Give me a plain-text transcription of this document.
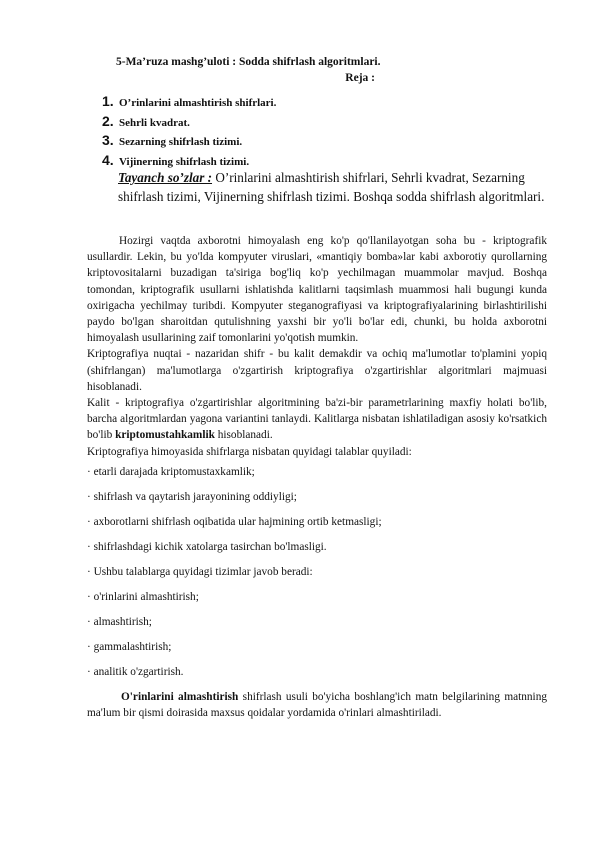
5-Ma’ruza mashg’uloti : Sodda shifrlash algoritmlari.
Reja :
1. O’rinlarini almashtirish shifrlari.
2. Sehrli kvadrat.
3. Sezarning shifrlash tizimi.
4. Vijinerning shifrlash tizimi.
Tayanch so’zlar : O’rinlarini almashtirish shifrlari, Sehrli kvadrat, Sezarning shifrlash tizimi, Vijinerning shifrlash tizimi. Boshqa sodda shifrlash algoritmlari.

Hozirgi vaqtda axborotni himoyalash eng ko'p qo'llanilayotgan soha bu - kriptografik usullardir. Lekin, bu yo'lda kompyuter viruslari, «mantiqiy bomba»lar kabi axborotiy qurollarning kriptovositalarni buzadigan ta'siriga bog'liq ko'p yechilmagan muammolar mavjud. Boshqa tomondan, kriptografik usullarni ishlatishda kalitlarni taqsimlash muammosi hali bugungi kunda oxirigacha yechilmay turibdi. Kompyuter steganografiyasi va kriptografiyalarining birlashtirilishi paydo bo'lgan sharoitdan qutulishning yaxshi bir yo'li bo'lar edi, chunki, bu holda axborotni himoyalash usullarining zaif tomonlarini yo'qotish mumkin.

Kriptografiya nuqtai - nazaridan shifr - bu kalit demakdir va ochiq ma'lumotlar to'plamini yopiq (shifrlangan) ma'lumotlarga o'zgartirish kriptografiya o'zgartirishlar algoritmlari majmuasi hisoblanadi.

Kalit - kriptografiya o'zgartirishlar algoritmining ba'zi-bir parametrlarining maxfiy holati bo'lib, barcha algoritmlardan yagona variantini tanlaydi. Kalitlarga nisbatan ishlatiladigan asosiy ko'rsatkich bo'lib kriptomustahkamlik hisoblanadi.

Kriptografiya himoyasida shifrlarga nisbatan quyidagi talablar quyiladi:

· etarli darajada kriptomustaxkamlik;

· shifrlash va qaytarish jarayonining oddiyligi;

· axborotlarni shifrlash oqibatida ular hajmining ortib ketmasligi;

· shifrlashdagi kichik xatolarga tasirchan bo'lmasligi.

· Ushbu talablarga quyidagi tizimlar javob beradi:

· o'rinlarini almashtirish;

· almashtirish;

· gammalashtirish;

· analitik o'zgartirish.

O'rinlarini almashtirish shifrlash usuli bo'yicha boshlang'ich matn belgilarining matnning ma'lum bir qismi doirasida maxsus qoidalar yordamida o'rinlari almashtiriladi.
